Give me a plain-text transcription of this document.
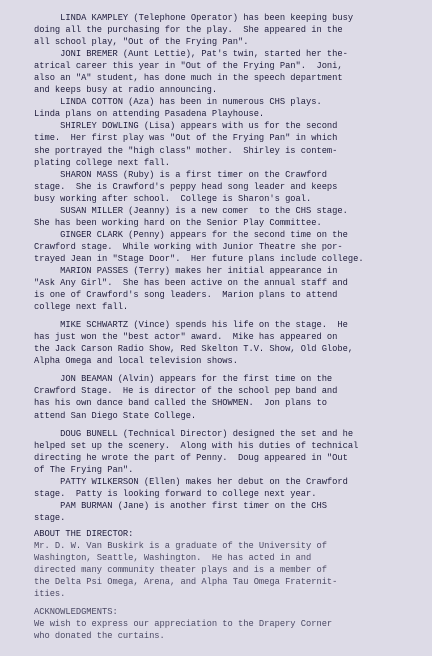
LINDA KAMPLEY (Telephone Operator) has been keeping busy
doing all the purchasing for the play.  She appeared in the
all school play, "Out of the Frying Pan".

JONI BREMER (Aunt Lettie), Pat's twin, started her the-
atrical career this year in "Out of the Frying Pan".  Joni,
also an "A" student, has done much in the speech department
and keeps busy at radio announcing.

LINDA COTTON (Aza) has been in numerous CHS plays.
Linda plans on attending Pasadena Playhouse.

SHIRLEY DOWLING (Lisa) appears with us for the second
time.  Her first play was "Out of the Frying Pan" in which
she portrayed the "high class" mother.  Shirley is contem-
plating college next fall.

SHARON MASS (Ruby) is a first timer on the Crawford
stage.  She is Crawford's peppy head song leader and keeps
busy working after school.  College is Sharon's goal.

SUSAN MILLER (Jeanny) is a new comer  to the CHS stage.
She has been working hard on the Senior Play Committee.

GINGER CLARK (Penny) appears for the second time on the
Crawford stage.  While working with Junior Theatre she por-
trayed Jean in "Stage Door".  Her future plans include college.

MARION PASSES (Terry) makes her initial appearance in
"Ask Any Girl".  She has been active on the annual staff and
is one of Crawford's song leaders.  Marion plans to attend
college next fall.

MIKE SCHWARTZ (Vince) spends his life on the stage.  He
has just won the "best actor" award.  Mike has appeared on
the Jack Carson Radio Show, Red Skelton T.V. Show, Old Globe,
Alpha Omega and local television shows.

JON BEAMAN (Alvin) appears for the first time on the
Crawford Stage.  He is director of the school pep band and
has his own dance band called the SHOWMEN.  Jon plans to
attend San Diego State College.

DOUG BUNELL (Technical Director) designed the set and he
helped set up the scenery.  Along with his duties of technical
directing he wrote the part of Penny.  Doug appeared in "Out
of The Frying Pan".

PATTY WILKERSON (Ellen) makes her debut on the Crawford
stage.  Patty is looking forward to college next year.

PAM BURMAN (Jane) is another first timer on the CHS
stage.

ABOUT THE DIRECTOR:

Mr. D. W. Van Buskirk is a graduate of the University of
Washington, Seattle, Washington.  He has acted in and
directed many community theater plays and is a member of
the Delta Psi Omega, Arena, and Alpha Tau Omega Fraternit-
ities.

ACKNOWLEDGMENTS:

We wish to express our appreciation to the Drapery Corner
who donated the curtains.
